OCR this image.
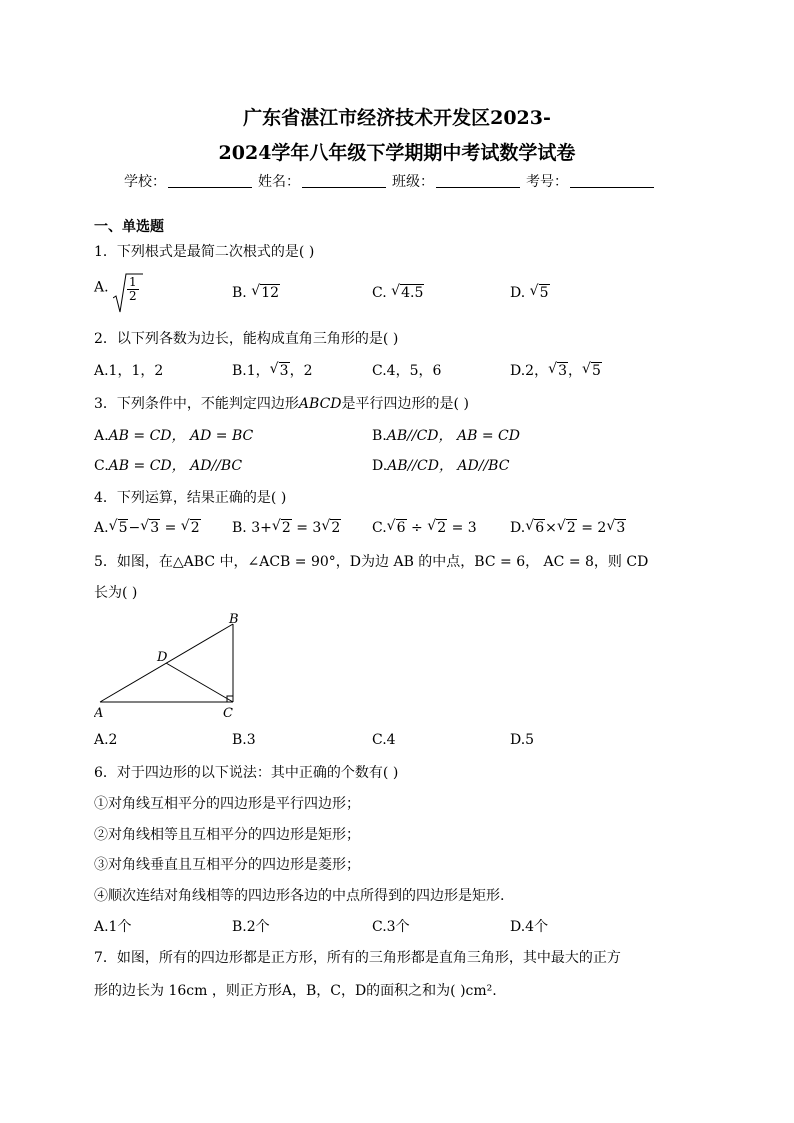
广东省湛江市经济技术开发区2023-
2024学年八年级下学期期中考试数学试卷
学校：	姓名：	班级：	考号：
一、单选题
1．下列根式是最简二次根式的是( )
A. $\frac{1}{2}$	B. √ 12	C. √ 4.5	D. √ 5
2．以下列各数为边长，能构成直角三角形的是( )
A.1，1，2	B.1， √ 3，2	C.4，5，6	D.2， √ 3， √ 5
3．下列条件中，不能判定四边形ABCD是平行四边形的是( )
A.AB = CD， AD = BC	B.AB//CD， AB = CD
C.AB = CD， AD//BC	D.AB//CD， AD//BC
4．下列运算，结果正确的是( )
A. √ 5− √ 3 = √ 2 B. 3+ √ 2 = 3 √ 2 C. √ 6 ÷ √ 2 = 3 D. √ 6× √ 2 = 2 √ 3
5．如图，在△ABC 中，∠ACB = 90°，D为边 AB 的中点，BC = 6， AC = 8，则 CD
长为( )
A
B
C
D
A.2	B.3	C.4	D.5
6．对于四边形的以下说法：其中正确的个数有( )
①对角线互相平分的四边形是平行四边形；
②对角线相等且互相平分的四边形是矩形；
③对角线垂直且互相平分的四边形是菱形；
④顺次连结对角线相等的四边形各边的中点所得到的四边形是矩形.
A.1个	B.2个	C.3个	D.4个
7．如图，所有的四边形都是正方形，所有的三角形都是直角三角形，其中最大的正方
形的边长为 16cm ，则正方形A，B，C，D的面积之和为( )cm².
